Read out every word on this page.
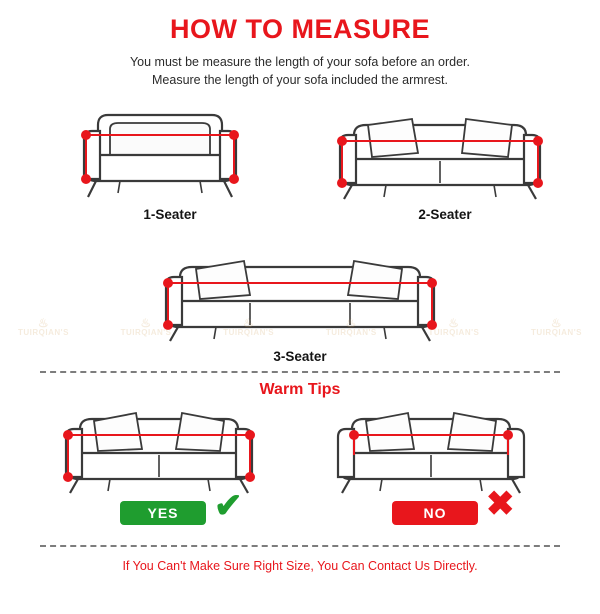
HOW TO MEASURE
You must be measure the length of your sofa before an order.
Measure the length of your sofa included the armrest.
1-Seater	2-Seater
3-Seater
Warm Tips
YES ✔	NO ✖
If You Can't Make Sure Right Size, You Can Contact Us Directly.
♨
TUIRQIAN'S
♨
TUIRQIAN'S
♨
TUIRQIAN'S
♨
TUIRQIAN'S
♨
TUIRQIAN'S
♨
TUIRQIAN'S
